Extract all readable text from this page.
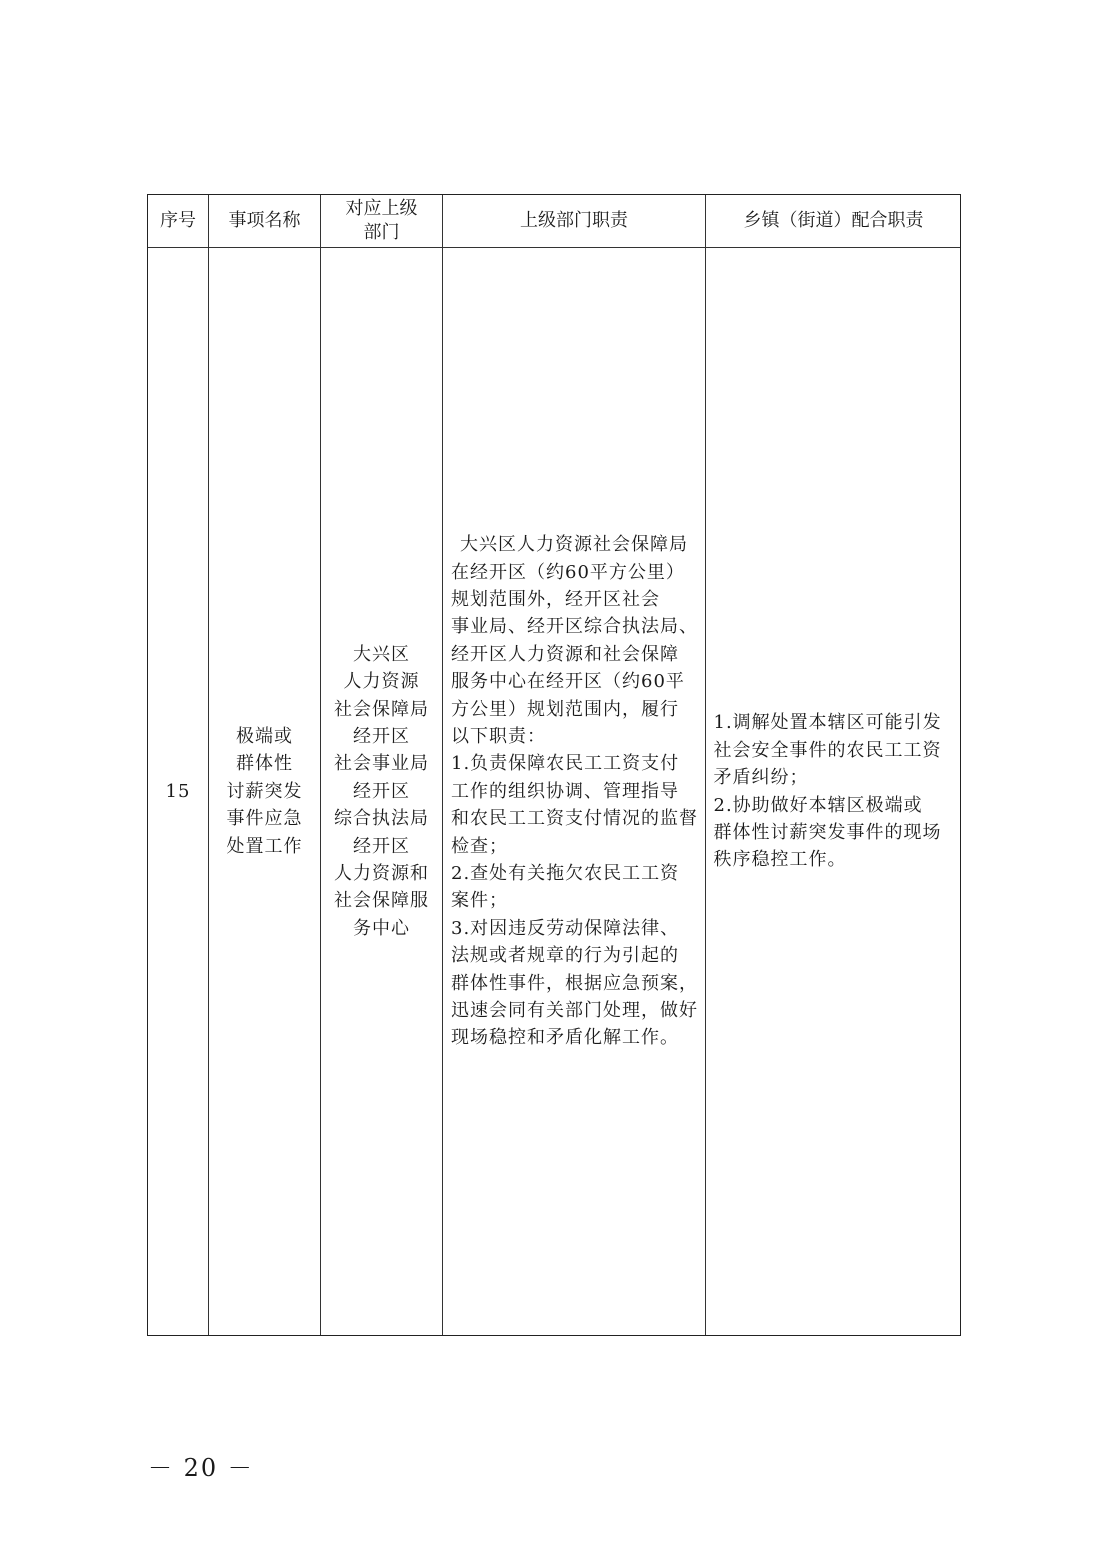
序号 事项名称
对应上级
部门
上级部门职责	乡镇（街道）配合职责
15
极端或
群体性
讨薪突发
事件应急
处置工作
大兴区
人力资源
社会保障局
经开区
社会事业局
经开区
综合执法局
经开区
人力资源和
社会保障服
务中心
大兴区人力资源社会保障局
在经开区（约60平方公里）
规划范围外，经开区社会
事业局、经开区综合执法局、
经开区人力资源和社会保障
服务中心在经开区（约60平
方公里）规划范围内，履行
以下职责：
1.负责保障农民工工资支付
工作的组织协调、管理指导
和农民工工资支付情况的监督
检查；
2.查处有关拖欠农民工工资
案件；
3.对因违反劳动保障法律、
法规或者规章的行为引起的
群体性事件，根据应急预案，
迅速会同有关部门处理，做好
现场稳控和矛盾化解工作。
1.调解处置本辖区可能引发
社会安全事件的农民工工资
矛盾纠纷；
2.协助做好本辖区极端或
群体性讨薪突发事件的现场
秩序稳控工作。
－ 20 －
